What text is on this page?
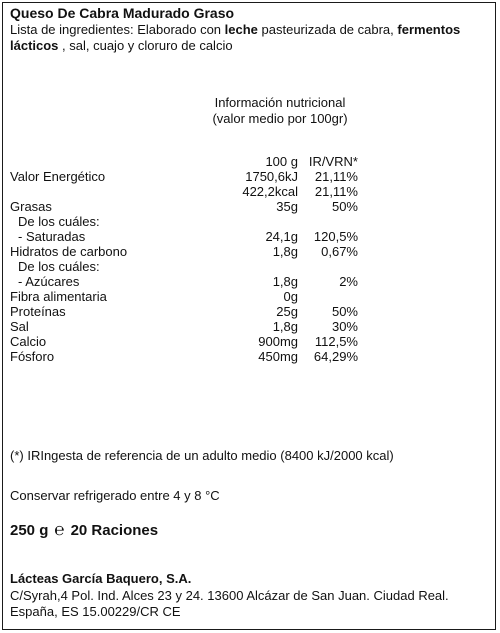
Queso De Cabra Madurado Graso
Lista de ingredientes: Elaborado con leche pasteurizada de cabra, fermentos lácticos , sal, cuajo y cloruro de calcio
Información nutricional
(valor medio por 100gr)
100 g IR/VRN*
Valor Energético	1750,6kJ 21,11%
422,2kcal 21,11%
Grasas	35g	50%
De los cuáles:
- Saturadas	24,1g 120,5%
Hidratos de carbono	1,8g 0,67%
De los cuáles:
- Azúcares	1,8g	2%
Fibra alimentaria	0g
Proteínas	25g	50%
Sal	1,8g	30%
Calcio	900mg 112,5%
Fósforo	450mg 64,29%
(*) IRIngesta de referencia de un adulto medio (8400 kJ/2000 kcal)
Conservar refrigerado entre 4 y 8 °C
250 g ℮ 20 Raciones
Lácteas García Baquero, S.A.
C/Syrah,4 Pol. Ind. Alces 23 y 24. 13600 Alcázar de San Juan. Ciudad Real.
España, ES 15.00229/CR CE
